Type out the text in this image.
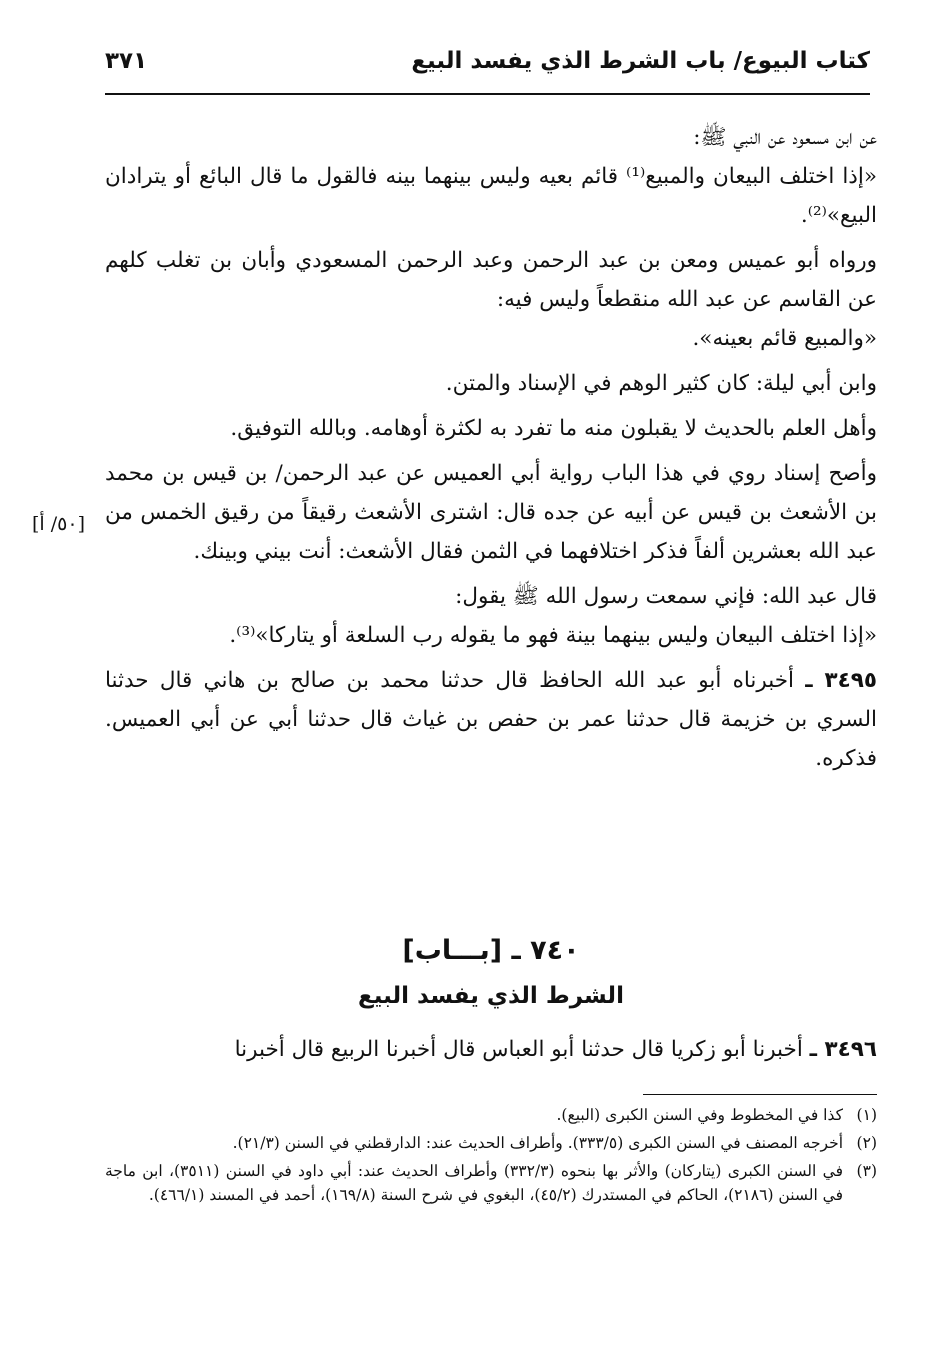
كتاب البيوع/ باب الشرط الذي يفسد البيع
٣٧١

عن ابن مسعود عن النبي ﷺ:

«إذا اختلف البيعان والمبيع⁽¹⁾ قائم بعيه وليس بينهما بينه فالقول ما قال البائع أو يترادان البيع»⁽²⁾.

ورواه أبو عميس ومعن بن عبد الرحمن وعبد الرحمن المسعودي وأبان بن تغلب كلهم عن القاسم عن عبد الله منقطعاً وليس فيه:

«والمبيع قائم بعينه».

وابن أبي ليلة: كان كثير الوهم في الإسناد والمتن.

وأهل العلم بالحديث لا يقبلون منه ما تفرد به لكثرة أوهامه. وبالله التوفيق.

وأصح إسناد روي في هذا الباب رواية أبي العميس عن عبد الرحمن/ بن قيس بن محمد بن الأشعث بن قيس عن أبيه عن جده قال: اشترى الأشعث رقيقاً من رقيق الخمس من عبد الله بعشرين ألفاً فذكر اختلافهما في الثمن فقال الأشعث: أنت بيني وبينك.

قال عبد الله: فإني سمعت رسول الله ﷺ يقول:

«إذا اختلف البيعان وليس بينهما بينة فهو ما يقوله رب السلعة أو يتاركا»⁽³⁾.

٣٤٩٥ ـ أخبرناه أبو عبد الله الحافظ قال حدثنا محمد بن صالح بن هاني قال حدثنا السري بن خزيمة قال حدثنا عمر بن حفص بن غياث قال حدثنا أبي عن أبي العميس. فذكره.

[٥٠/ أ]
٧٤٠ ـ [بـــاب]
الشرط الذي يفسد البيع
٣٤٩٦ ـ أخبرنا أبو زكريا قال حدثنا أبو العباس قال أخبرنا الربيع قال أخبرنا
(١)
كذا في المخطوط وفي السنن الكبرى (البيع).
(٢)
أخرجه المصنف في السنن الكبرى (٣٣٣/٥). وأطراف الحديث عند: الدارقطني في السنن (٢١/٣).
(٣)
في السنن الكبرى (يتاركان) والأثر بها بنحوه (٣٣٢/٣) وأطراف الحديث عند: أبي داود في السنن (٣٥١١)، ابن ماجة في السنن (٢١٨٦)، الحاكم في المستدرك (٤٥/٢)، البغوي في شرح السنة (١٦٩/٨)، أحمد في المسند (٤٦٦/١).
